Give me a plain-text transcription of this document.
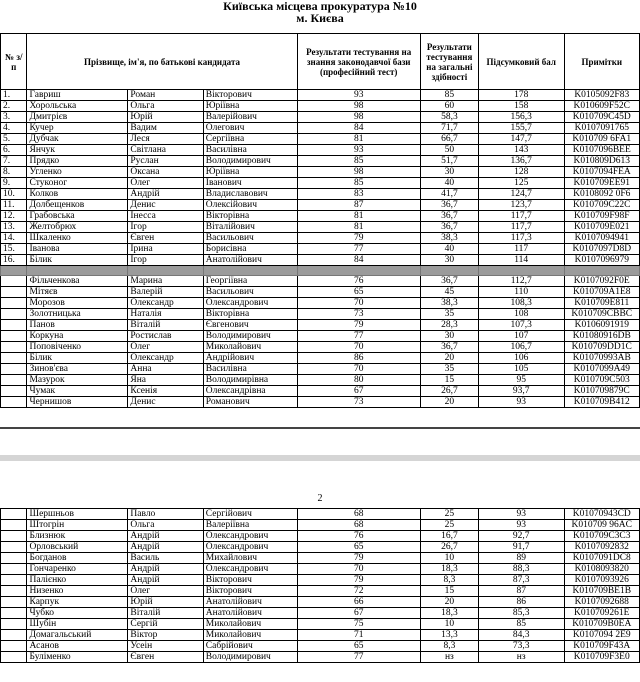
Київська місцева прокуратура №10
м. Києва
№ з/п	Прізвище, ім'я, по батькові кандидата			Результати тестування на знання законодавчої бази (професійний тест)	Результати тестування на загальні здібності	Підсумковий бал	Примітки
1.	Гавриш	Роман	Вікторович	93	85	178	K0105092F83
2.	Хорольська	Ольга	Юріївна	98	60	158	K010609F52C
3.	Дмитрієв	Юрій	Валерійович	98	58,3	156,3	K010709C45D
4.	Кучер	Вадим	Олегович	84	71,7	155,7	K0107091765
5.	Дубчак	Леся	Сергіївна	81	66,7	147,7	K010709 6FA1
6.	Янчук	Світлана	Василівна	93	50	143	K0107096BEE
7.	Прядко	Руслан	Володимирович	85	51,7	136,7	K010809D613
8.	Угленко	Оксана	Юріївна	98	30	128	K0107094FEA
9.	Стуконог	Олег	Іванович	85	40	125	K010709EE91
10.	Колков	Андрій	Владиславович	83	41,7	124,7	K0108092 0F6
11.	Долбещенков	Денис	Олексійович	87	36,7	123,7	K010709C22C
12.	Грабовська	Інесса	Вікторівна	81	36,7	117,7	K010709F98F
13.	Желтобрюх	Ігор	Віталійович	81	36,7	117,7	K010709E021
14.	Шкаленко	Євген	Васильович	79	38,3	117,3	K0107094941
15.	Іванова	Ірина	Борисівна	77	40	117	K0107097D8D
16.	Білик	Ігор	Анатолійович	84	30	114	K0107096979

	Фільченкова	Марина	Георгіївна	76	36,7	112,7	K0107092F0E
	Мітяєв	Валерій	Васильович	65	45	110	K010709A1E8
	Морозов	Олександр	Олександрович	70	38,3	108,3	K010709E811
	Золотницька	Наталія	Вікторівна	73	35	108	K010709CBBC
	Панов	Віталій	Євгенович	79	28,3	107,3	K0106091919
	Коркуна	Ростислав	Володимирович	77	30	107	K01080916DB
	Поповіченко	Олег	Миколайович	70	36,7	106,7	K010709DD1C
	Білик	Олександр	Андрійович	86	20	106	K01070993AB
	Зинов'єва	Анна	Василівна	70	35	105	K0107099A49
	Мазурок	Яна	Володимирівна	80	15	95	K010709C503
	Чумак	Ксенія	Олександрівна	67	26,7	93,7	K010709879C
	Чернишов	Денис	Романович	73	20	93	K010709B412
2
	Шершньов	Павло	Сергійович	68	25	93	K01070943CD
	Штогрін	Ольга	Валеріївна	68	25	93	K010709 96AC
	Близнюк	Андрій	Олександрович	76	16,7	92,7	K010709C3C3
	Орловський	Андрій	Олександрович	65	26,7	91,7	K0107092832
	Богданов	Василь	Михайлович	79	10	89	K0107091DC8
	Гончаренко	Андрій	Олександрович	70	18,3	88,3	K0108093820
	Палієнко	Андрій	Вікторович	79	8,3	87,3	K0107093926
	Низенко	Олег	Вікторович	72	15	87	K010709BE1B
	Карпук	Юрій	Анатолійович	66	20	86	K0107092688
	Чубко	Віталій	Анатолійович	67	18,3	85,3	K010709261E
	Шубін	Сергій	Миколайович	75	10	85	K010709B0EA
	Домагальський	Віктор	Миколайович	71	13,3	84,3	K0107094 2E9
	Асанов	Усеін	Сабрійович	65	8,3	73,3	K010709F43A
	Буліменко	Євген	Володимирович	77	нз	нз	K010709F3E0
